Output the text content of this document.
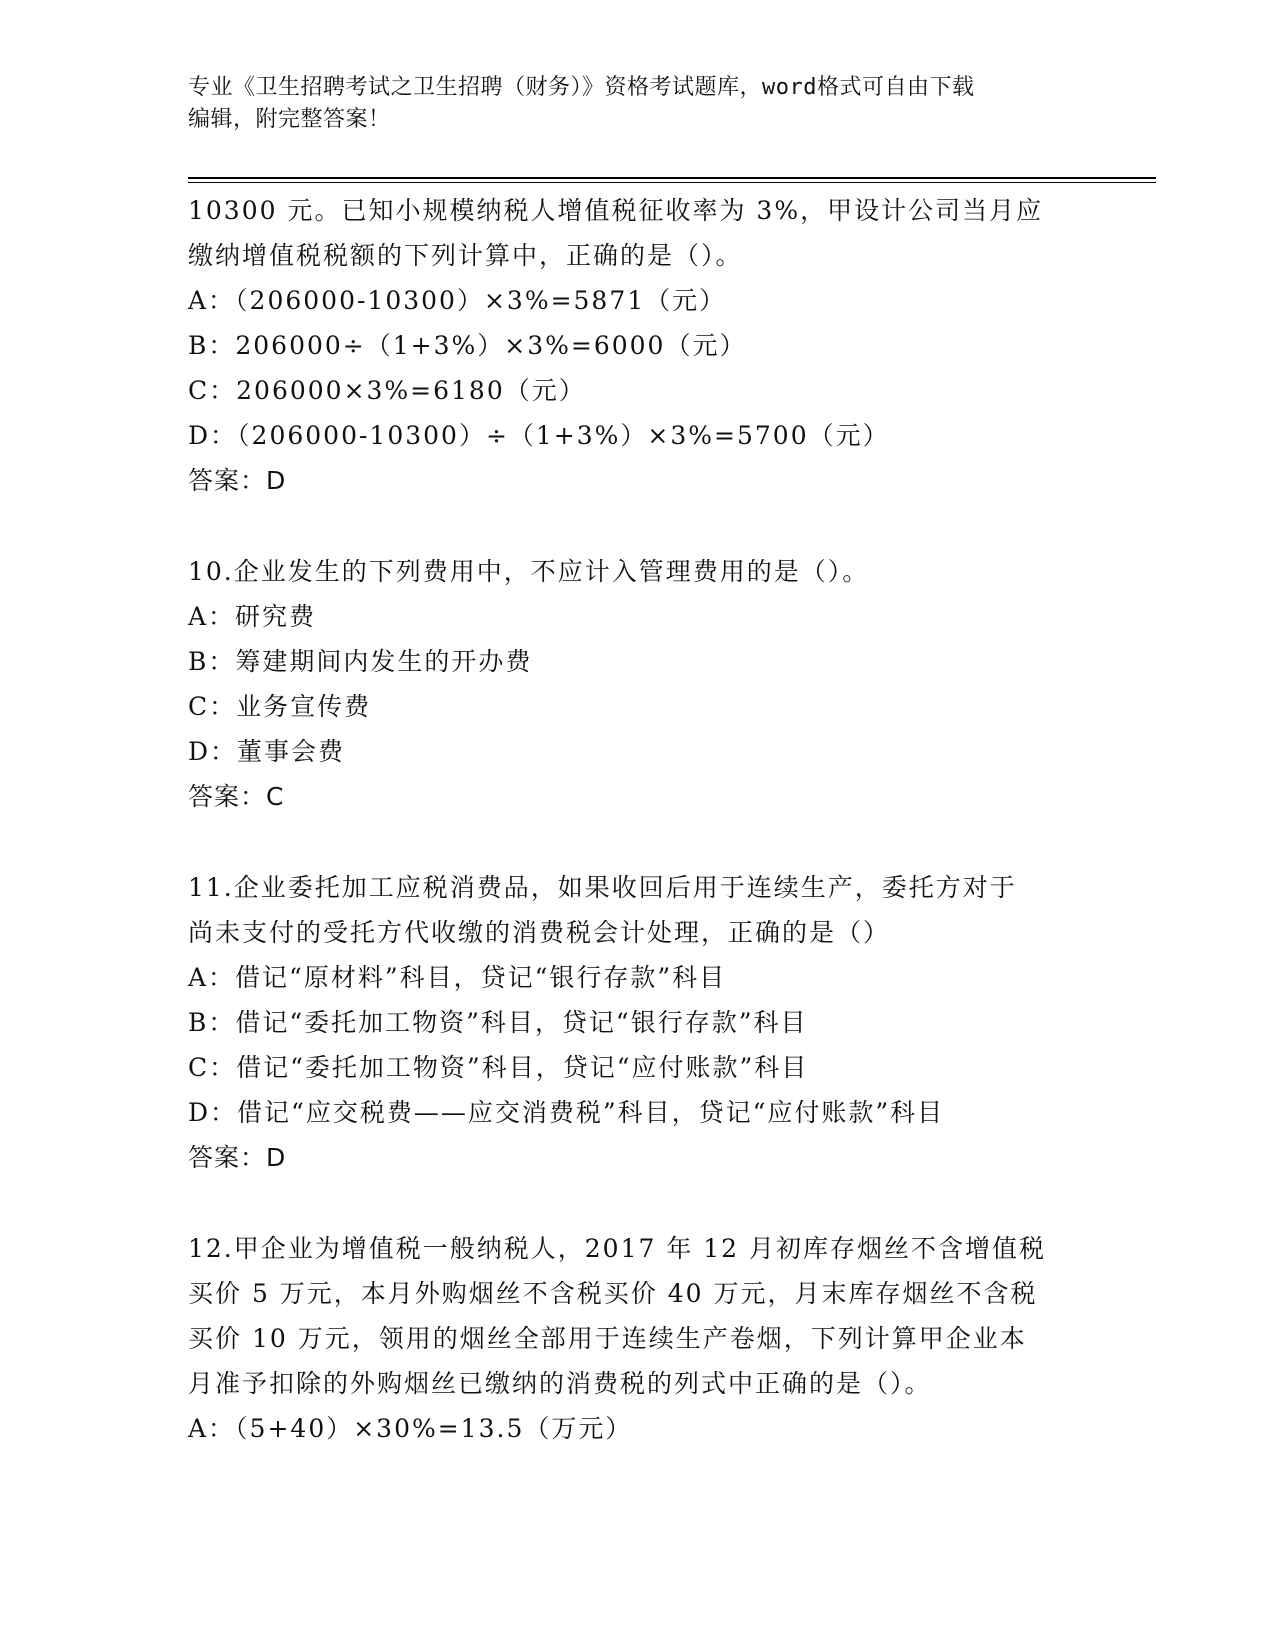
专业《卫生招聘考试之卫生招聘（财务）》资格考试题库，word格式可自由下载
编辑，附完整答案！
10300 元。已知小规模纳税人增值税征收率为 3%，甲设计公司当月应
缴纳增值税税额的下列计算中，正确的是（）。
A：（206000-10300）×3%=5871（元）
B：206000÷（1+3%）×3%=6000（元）
C：206000×3%=6180（元）
D：（206000-10300）÷（1+3%）×3%=5700（元）
答案：D
10.企业发生的下列费用中，不应计入管理费用的是（）。
A：研究费
B：筹建期间内发生的开办费
C：业务宣传费
D：董事会费
答案：C
11.企业委托加工应税消费品，如果收回后用于连续生产，委托方对于
尚未支付的受托方代收缴的消费税会计处理，正确的是（）
A：借记“原材料”科目，贷记“银行存款”科目
B：借记“委托加工物资”科目，贷记“银行存款”科目
C：借记“委托加工物资”科目，贷记“应付账款”科目
D：借记“应交税费——应交消费税”科目，贷记“应付账款”科目
答案：D
12.甲企业为增值税一般纳税人，2017 年 12 月初库存烟丝不含增值税
买价 5 万元，本月外购烟丝不含税买价 40 万元，月末库存烟丝不含税
买价 10 万元，领用的烟丝全部用于连续生产卷烟，下列计算甲企业本
月准予扣除的外购烟丝已缴纳的消费税的列式中正确的是（）。
A：（5+40）×30%=13.5（万元）
